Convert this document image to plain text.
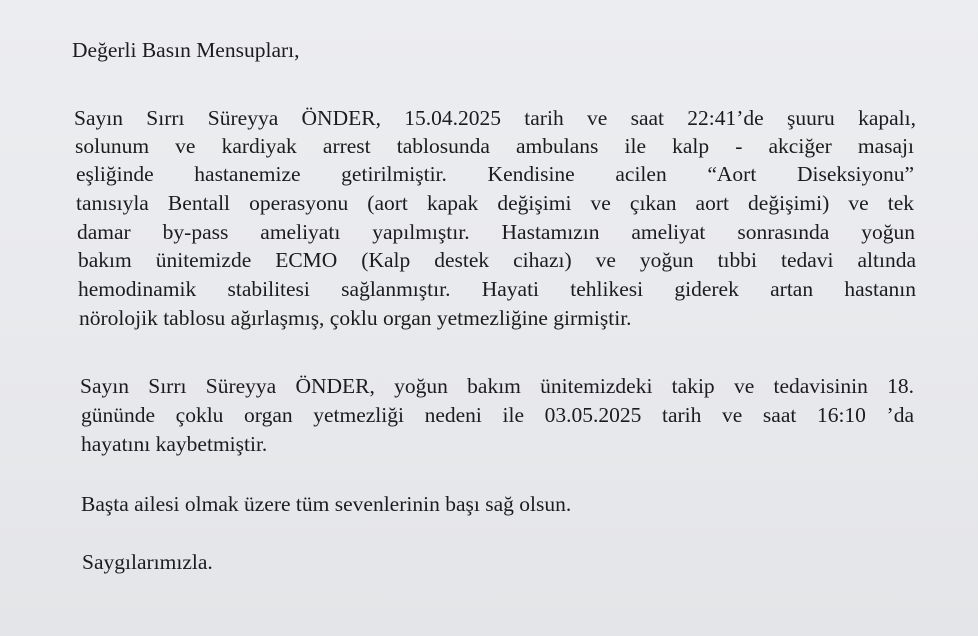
Değerli Basın Mensupları,
Sayın Sırrı Süreyya ÖNDER, 15.04.2025 tarih ve saat 22:41’de şuuru kapalı,
solunum ve kardiyak arrest tablosunda ambulans ile kalp - akciğer masajı
eşliğinde hastanemize getirilmiştir. Kendisine acilen “Aort Diseksiyonu”
tanısıyla Bentall operasyonu (aort kapak değişimi ve çıkan aort değişimi) ve tek
damar by-pass ameliyatı yapılmıştır. Hastamızın ameliyat sonrasında yoğun
bakım ünitemizde ECMO (Kalp destek cihazı) ve yoğun tıbbi tedavi altında
hemodinamik stabilitesi sağlanmıştır. Hayati tehlikesi giderek artan hastanın
nörolojik tablosu ağırlaşmış, çoklu organ yetmezliğine girmiştir.
Sayın Sırrı Süreyya ÖNDER, yoğun bakım ünitemizdeki takip ve tedavisinin 18.
gününde çoklu organ yetmezliği nedeni ile 03.05.2025 tarih ve saat 16:10 ’da
hayatını kaybetmiştir.
Başta ailesi olmak üzere tüm sevenlerinin başı sağ olsun.
Saygılarımızla.
